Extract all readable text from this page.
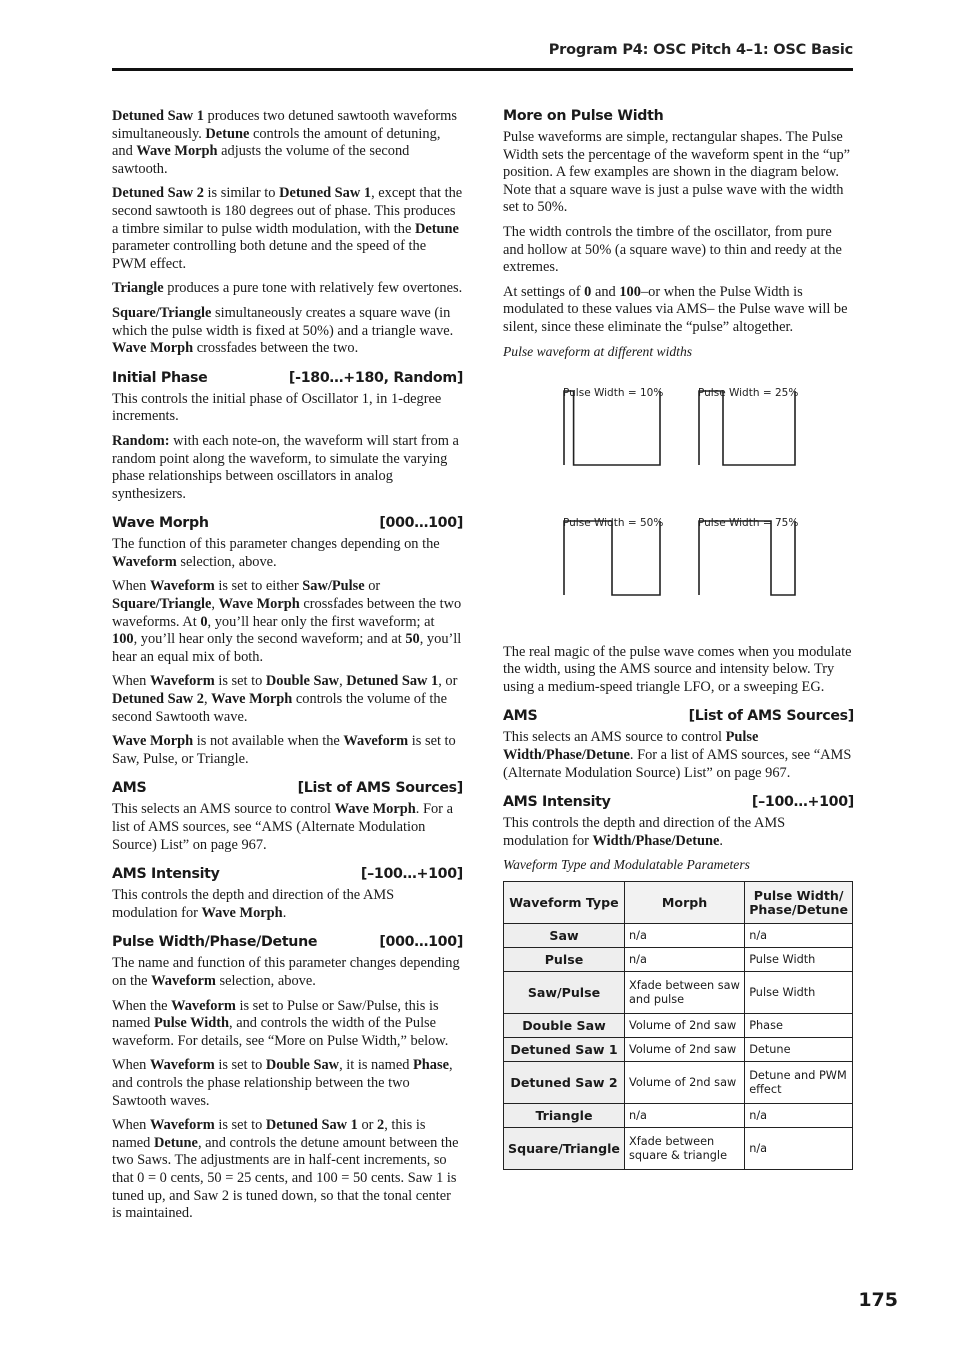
Program P4: OSC Pitch 4–1: OSC Basic

Detuned Saw 1 produces two detuned sawtooth waveforms simultaneously. Detune controls the amount of detuning, and Wave Morph adjusts the volume of the second sawtooth.

Detuned Saw 2 is similar to Detuned Saw 1, except that the second sawtooth is 180 degrees out of phase. This produces a timbre similar to pulse width modulation, with the Detune parameter controlling both detune and the speed of the PWM effect.

Triangle produces a pure tone with relatively few overtones.

Square/Triangle simultaneously creates a square wave (in which the pulse width is fixed at 50%) and a triangle wave. Wave Morph crossfades between the two.

Initial Phase	[-180…+180, Random]

This controls the initial phase of Oscillator 1, in 1-degree increments.

Random: with each note-on, the waveform will start from a random point along the waveform, to simulate the varying phase relationships between oscillators in analog synthesizers.

Wave Morph	[000…100]

The function of this parameter changes depending on the Waveform selection, above.

When Waveform is set to either Saw/Pulse or Square/Triangle, Wave Morph crossfades between the two waveforms. At 0, you’ll hear only the first waveform; at 100, you’ll hear only the second waveform; and at 50, you’ll hear an equal mix of both.

When Waveform is set to Double Saw, Detuned Saw 1, or Detuned Saw 2, Wave Morph controls the volume of the second Sawtooth wave.

Wave Morph is not available when the Waveform is set to Saw, Pulse, or Triangle.

AMS	[List of AMS Sources]

This selects an AMS source to control Wave Morph. For a list of AMS sources, see “AMS (Alternate Modulation Source) List” on page 967.

AMS Intensity	[–100…+100]

This controls the depth and direction of the AMS modulation for Wave Morph.

Pulse Width/Phase/Detune	[000…100]

The name and function of this parameter changes depending on the Waveform selection, above.

When the Waveform is set to Pulse or Saw/Pulse, this is named Pulse Width, and controls the width of the Pulse waveform. For details, see “More on Pulse Width,” below.

When Waveform is set to Double Saw, it is named Phase, and controls the phase relationship between the two Sawtooth waves.

When Waveform is set to Detuned Saw 1 or 2, this is named Detune, and controls the detune amount between the two Saws. The adjustments are in half-cent increments, so that 0 = 0 cents, 50 = 25 cents, and 100 = 50 cents. Saw 1 is tuned up, and Saw 2 is tuned down, so that the tonal center is maintained.

More on Pulse Width

Pulse waveforms are simple, rectangular shapes. The Pulse Width sets the percentage of the waveform spent in the “up” position. A few examples are shown in the diagram below. Note that a square wave is just a pulse wave with the width set to 50%.

The width controls the timbre of the oscillator, from pure and hollow at 50% (a square wave) to thin and reedy at the extremes.

At settings of 0 and 100–or when the Pulse Width is modulated to these values via AMS– the Pulse wave will be silent, since these eliminate the “pulse” altogether.

Pulse waveform at different widths
Pulse Width = 10%	Pulse Width = 25%
Pulse Width = 50%	Pulse Width = 75%

The real magic of the pulse wave comes when you modulate the width, using the AMS source and intensity below. Try using a medium-speed triangle LFO, or a sweeping EG.

AMS	[List of AMS Sources]

This selects an AMS source to control Pulse Width/Phase/Detune. For a list of AMS sources, see “AMS (Alternate Modulation Source) List” on page 967.

AMS Intensity	[–100…+100]

This controls the depth and direction of the AMS modulation for Width/Phase/Detune.

Waveform Type and Modulatable Parameters
Waveform Type	Morph	Pulse Width/ Phase/Detune
Saw	n/a	n/a
Pulse	n/a	Pulse Width
Saw/Pulse	Xfade between saw and pulse	Pulse Width
Double Saw	Volume of 2nd saw	Phase
Detuned Saw 1	Volume of 2nd saw	Detune
Detuned Saw 2	Volume of 2nd saw	Detune and PWM effect
Triangle	n/a	n/a
Square/Triangle	Xfade between square & triangle	n/a
175
